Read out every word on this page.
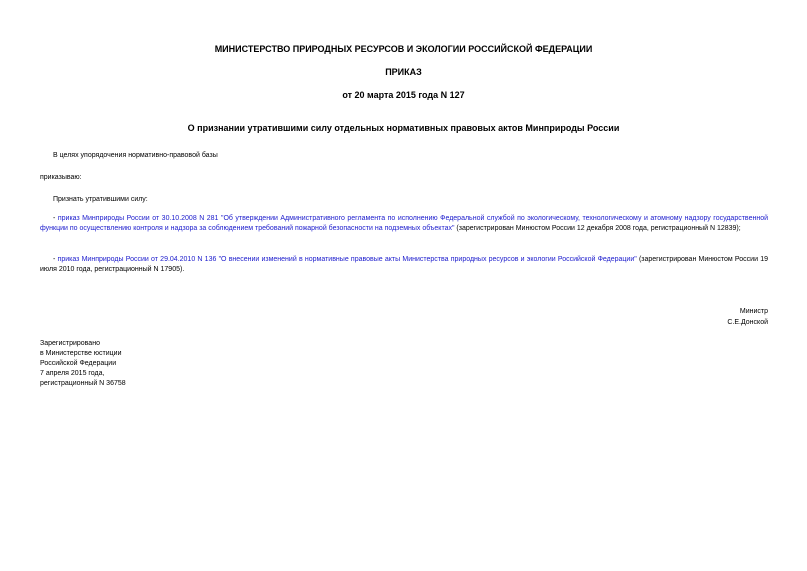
МИНИСТЕРСТВО ПРИРОДНЫХ РЕСУРСОВ И ЭКОЛОГИИ РОССИЙСКОЙ ФЕДЕРАЦИИ
ПРИКАЗ
от 20 марта 2015 года N 127
О признании утратившими силу отдельных нормативных правовых актов Минприроды России
В целях упорядочения нормативно-правовой базы
приказываю:
Признать утратившими силу:
- приказ Минприроды России от 30.10.2008 N 281 "Об утверждении Административного регламента по исполнению Федеральной службой по экологическому, технологическому и атомному надзору государственной функции по осуществлению контроля и надзора за соблюдением требований пожарной безопасности на подземных объектах" (зарегистрирован Минюстом России 12 декабря 2008 года, регистрационный N 12839);
- приказ Минприроды России от 29.04.2010 N 136 "О внесении изменений в нормативные правовые акты Министерства природных ресурсов и экологии Российской Федерации" (зарегистрирован Минюстом России 19 июля 2010 года, регистрационный N 17905).
Министр
С.Е.Донской
Зарегистрировано
в Министерстве юстиции
Российской Федерации
7 апреля 2015 года,
регистрационный N 36758
